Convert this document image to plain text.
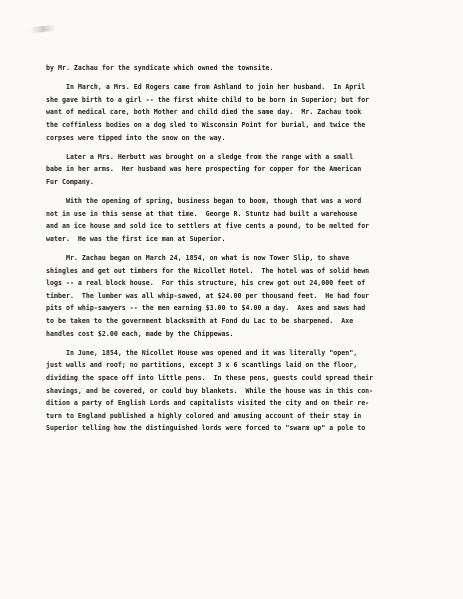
by Mr. Zachau for the syndicate which owned the townsite.
In March, a Mrs. Ed Rogers came from Ashland to join her husband.  In April
she gave birth to a girl -- the first white child to be born in Superior; but for
want of medical care, both Mother and child died the same day.  Mr. Zachau took
the coffinless bodies on a dog sled to Wisconsin Point for burial, and twice the
corpses were tipped into the snow on the way.
Later a Mrs. Herbutt was brought on a sledge from the range with a small
babe in her arms.  Her husband was here prospecting for copper for the American
Fur Company.
With the opening of spring, business began to boom, though that was a word
not in use in this sense at that time.  George R. Stuntz had built a warehouse
and an ice house and sold ice to settlers at five cents a pound, to be melted for
water.  He was the first ice man at Superior.
Mr. Zachau began on March 24, 1854, on what is now Tower Slip, to shave
shingles and get out timbers for the Nicollet Hotel.  The hotel was of solid hewn
logs -- a real block house.  For this structure, his crew got out 24,000 feet of
timber.  The lumber was all whip-sawed, at $24.00 per thousand feet.  He had four
pits of whip-sawyers -- the men earning $3.00 to $4.00 a day.  Axes and saws had
to be taken to the government blacksmith at Fond du Lac to be sharpened.  Axe
handles cost $2.00 each, made by the Chippewas.
In June, 1854, the Nicollet House was opened and it was literally "open",
just walls and roof; no partitions, except 3 x 6 scantlings laid on the floor,
dividing the space off into little pens.  In these pens, guests could spread their
shavings, and be covered, or could buy blankets.  While the house was in this con-
dition a party of English Lords and capitalists visited the city and on their re-
turn to England published a highly colored and amusing account of their stay in
Superior telling how the distinguished lords were forced to "swarm up" a pole to
